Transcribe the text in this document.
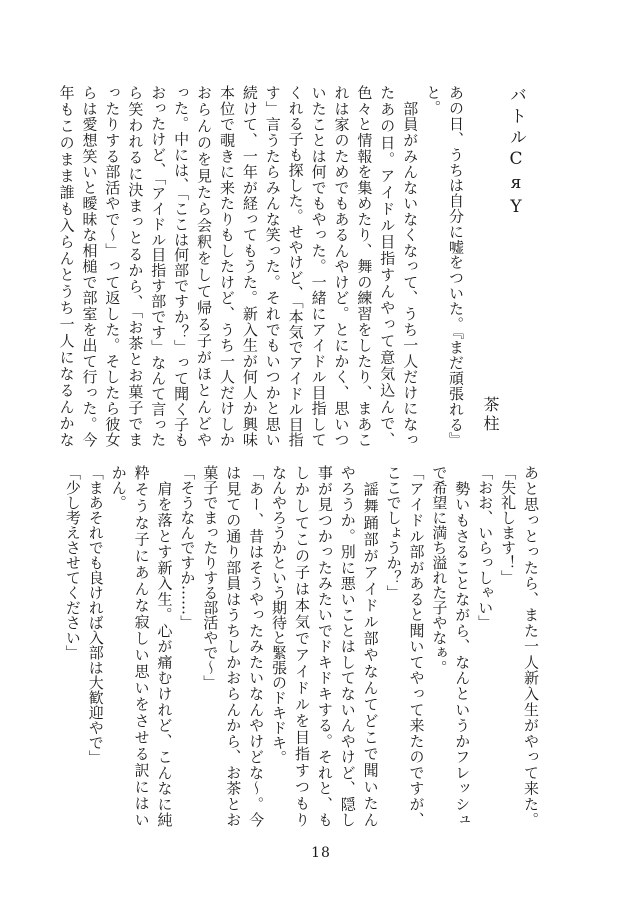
バトルCяY
茶柱
あの日、うちは自分に嘘をついた。『まだ頑張れる』
と。
　部員がみんないなくなって、うち一人だけになっ
たあの日。アイドル目指すんやって意気込んで、
色々と情報を集めたり、舞の練習をしたり、まあこ
れは家のためでもあるんやけど。とにかく、思いつ
いたことは何でもやった。一緒にアイドル目指して
くれる子も探した。せやけど、「本気でアイドル目指
す」言うたらみんな笑った。それでもいつかと思い
続けて、一年が経ってもうた。新入生が何人か興味
本位で覗きに来たりもしたけど、うち一人だけしか
おらんのを見たら会釈をして帰る子がほとんどや
った。中には、「ここは何部ですか？」って聞く子も
おったけど、「アイドル目指す部です」なんて言った
ら笑われるに決まっとるから、「お茶とお菓子でま
ったりする部活やで〜」って返した。そしたら彼女
らは愛想笑いと曖昧な相槌で部室を出て行った。今
年もこのまま誰も入らんとうち一人になるんかな
あと思っとったら、また一人新入生がやって来た。
「失礼します！」
「おお、いらっしゃい」
　勢いもさることながら、なんというかフレッシュ
で希望に満ち溢れた子やなぁ。
「アイドル部があると聞いてやって来たのですが、
ここでしょうか？」
　謡舞踊部がアイドル部やなんてどこで聞いたん
やろうか。別に悪いことはしてないんやけど、隠し
事が見つかったみたいでドキドキする。それと、も
しかしてこの子は本気でアイドルを目指すつもり
なんやろうかという期待と緊張のドキドキ。
「あー、昔はそうやったみたいなんやけどな〜。今
は見ての通り部員はうちしかおらんから、お茶とお
菓子でまったりする部活やで〜」
「そうなんですか……」
　肩を落とす新入生。心が痛むけれど、こんなに純
粋そうな子にあんな寂しい思いをさせる訳にはい
かん。
「まあそれでも良ければ入部は大歓迎やで」
「少し考えさせてください」
18
